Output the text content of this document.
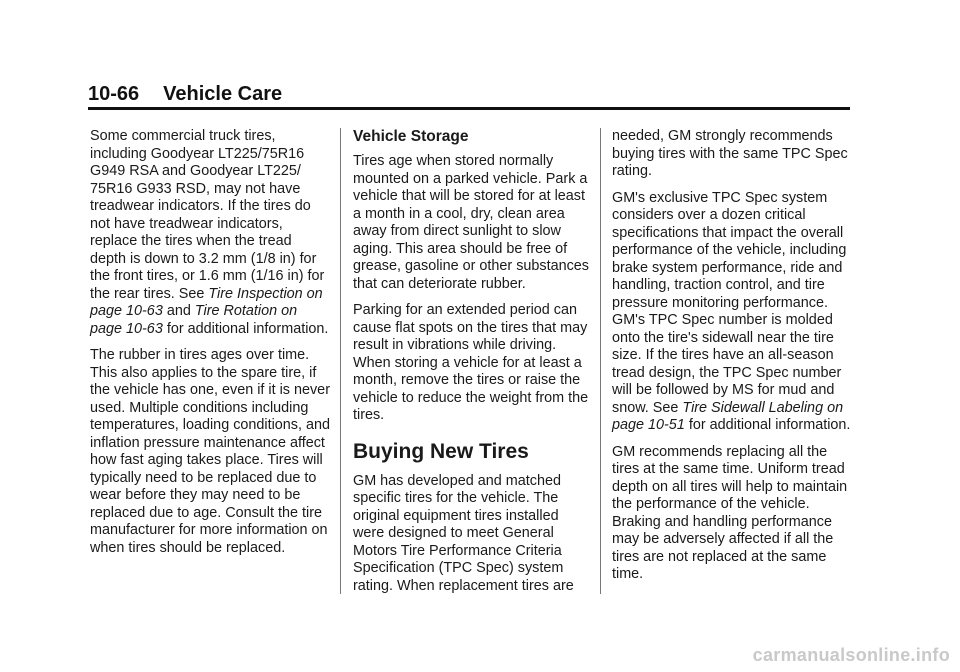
10-66 Vehicle Care

Some commercial truck tires, including Goodyear LT225/75R16 G949 RSA and Goodyear LT225/ 75R16 G933 RSD, may not have treadwear indicators. If the tires do not have treadwear indicators, replace the tires when the tread depth is down to 3.2 mm (1/8 in) for the front tires, or 1.6 mm (1/16 in) for the rear tires. See Tire Inspection on page 10-63 and Tire Rotation on page 10-63 for additional information.

The rubber in tires ages over time. This also applies to the spare tire, if the vehicle has one, even if it is never used. Multiple conditions including temperatures, loading conditions, and inflation pressure maintenance affect how fast aging takes place. Tires will typically need to be replaced due to wear before they may need to be replaced due to age. Consult the tire manufacturer for more information on when tires should be replaced.

Vehicle Storage

Tires age when stored normally mounted on a parked vehicle. Park a vehicle that will be stored for at least a month in a cool, dry, clean area away from direct sunlight to slow aging. This area should be free of grease, gasoline or other substances that can deteriorate rubber.

Parking for an extended period can cause flat spots on the tires that may result in vibrations while driving. When storing a vehicle for at least a month, remove the tires or raise the vehicle to reduce the weight from the tires.

Buying New Tires

GM has developed and matched specific tires for the vehicle. The original equipment tires installed were designed to meet General Motors Tire Performance Criteria Specification (TPC Spec) system rating. When replacement tires are

needed, GM strongly recommends buying tires with the same TPC Spec rating.

GM's exclusive TPC Spec system considers over a dozen critical specifications that impact the overall performance of the vehicle, including brake system performance, ride and handling, traction control, and tire pressure monitoring performance. GM's TPC Spec number is molded onto the tire's sidewall near the tire size. If the tires have an all-season tread design, the TPC Spec number will be followed by MS for mud and snow. See Tire Sidewall Labeling on page 10-51 for additional information.

GM recommends replacing all the tires at the same time. Uniform tread depth on all tires will help to maintain the performance of the vehicle. Braking and handling performance may be adversely affected if all the tires are not replaced at the same time.

carmanualsonline.info
